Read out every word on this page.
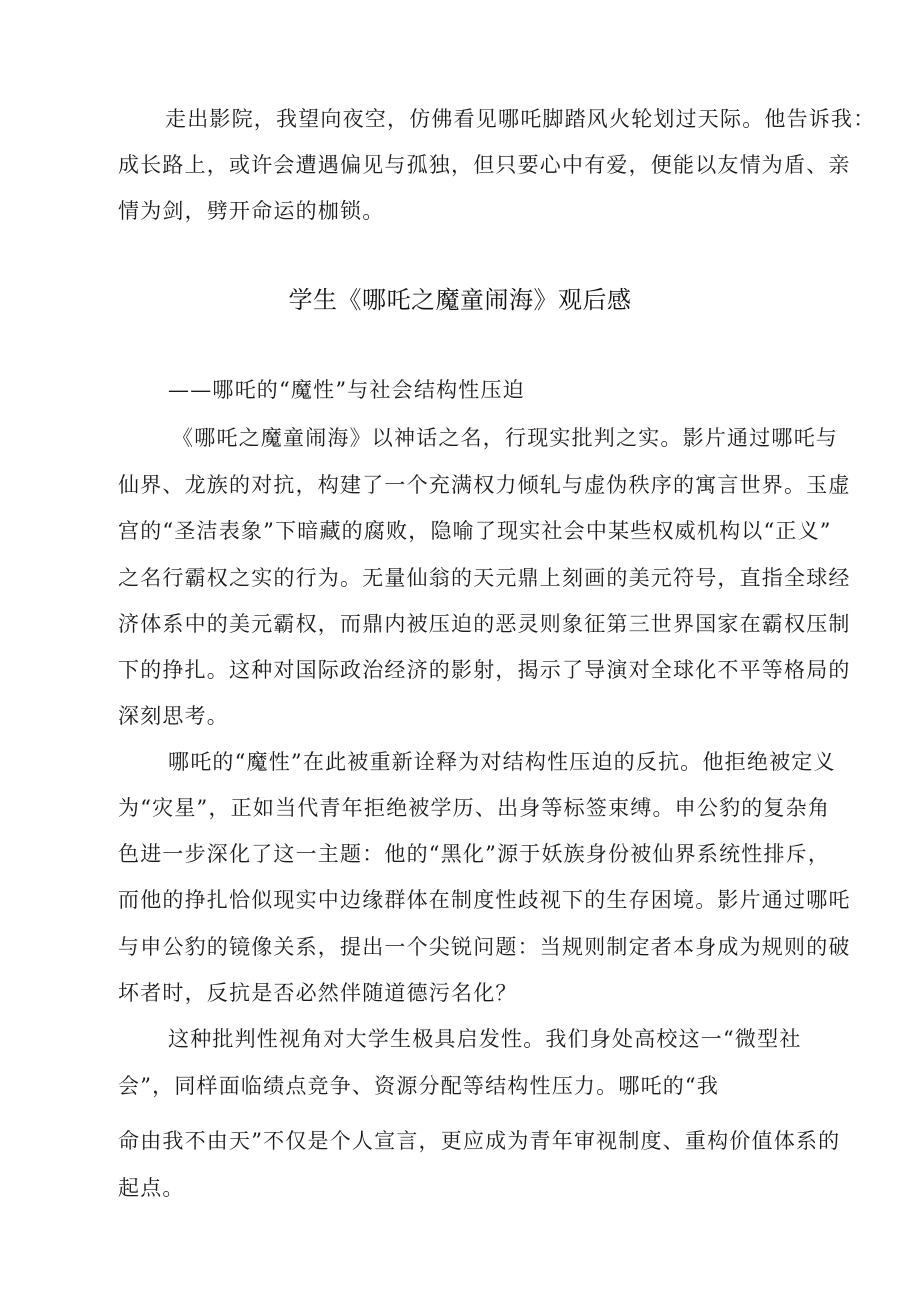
走出影院，我望向夜空，仿佛看见哪吒脚踏风火轮划过天际。他告诉我：
成长路上，或许会遭遇偏见与孤独，但只要心中有爱，便能以友情为盾、亲
情为剑，劈开命运的枷锁。
学生《哪吒之魔童闹海》观后感
——哪吒的“魔性”与社会结构性压迫
《哪吒之魔童闹海》以神话之名，行现实批判之实。影片通过哪吒与
仙界、龙族的对抗，构建了一个充满权力倾轧与虚伪秩序的寓言世界。玉虚
宫的“圣洁表象”下暗藏的腐败，隐喻了现实社会中某些权威机构以“正义”
之名行霸权之实的行为。无量仙翁的天元鼎上刻画的美元符号，直指全球经
济体系中的美元霸权，而鼎内被压迫的恶灵则象征第三世界国家在霸权压制
下的挣扎。这种对国际政治经济的影射，揭示了导演对全球化不平等格局的
深刻思考。
哪吒的“魔性”在此被重新诠释为对结构性压迫的反抗。他拒绝被定义
为“灾星”，正如当代青年拒绝被学历、出身等标签束缚。申公豹的复杂角
色进一步深化了这一主题：他的“黑化”源于妖族身份被仙界系统性排斥，
而他的挣扎恰似现实中边缘群体在制度性歧视下的生存困境。影片通过哪吒
与申公豹的镜像关系，提出一个尖锐问题：当规则制定者本身成为规则的破
坏者时，反抗是否必然伴随道德污名化？
这种批判性视角对大学生极具启发性。我们身处高校这一“微型社
会”，同样面临绩点竞争、资源分配等结构性压力。哪吒的“我
命由我不由天”不仅是个人宣言，更应成为青年审视制度、重构价值体系的
起点。
